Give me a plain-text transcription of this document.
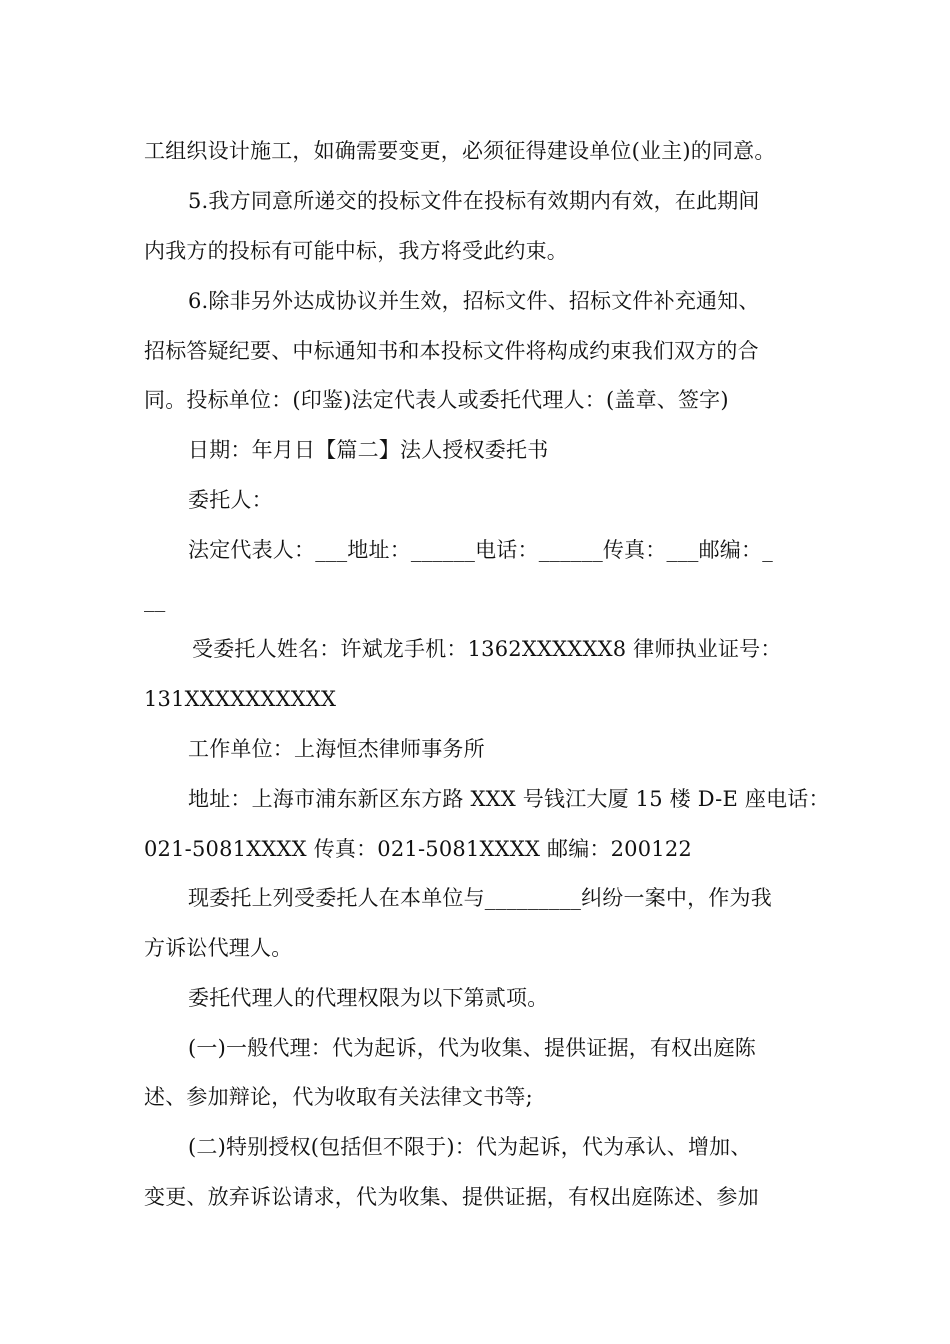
工组织设计施工，如确需要变更，必须征得建设单位(业主)的同意。
5.我方同意所递交的投标文件在投标有效期内有效，在此期间
内我方的投标有可能中标，我方将受此约束。
6.除非另外达成协议并生效，招标文件、招标文件补充通知、
招标答疑纪要、中标通知书和本投标文件将构成约束我们双方的合
同。投标单位：(印鉴)法定代表人或委托代理人：(盖章、签字)
日期：年月日【篇二】法人授权委托书
委托人：
法定代表人：___地址：______电话：______传真：___邮编：_
__
受委托人姓名：许斌龙手机：1362XXXXXX8 律师执业证号：
131XXXXXXXXXX
工作单位：上海恒杰律师事务所
地址：上海市浦东新区东方路 XXX 号钱江大厦 15 楼 D-E 座电话：
021-5081XXXX 传真：021-5081XXXX 邮编：200122
现委托上列受委托人在本单位与_________纠纷一案中，作为我
方诉讼代理人。
委托代理人的代理权限为以下第贰项。
(一)一般代理：代为起诉，代为收集、提供证据，有权出庭陈
述、参加辩论，代为收取有关法律文书等;
(二)特别授权(包括但不限于)：代为起诉，代为承认、增加、
变更、放弃诉讼请求，代为收集、提供证据，有权出庭陈述、参加
